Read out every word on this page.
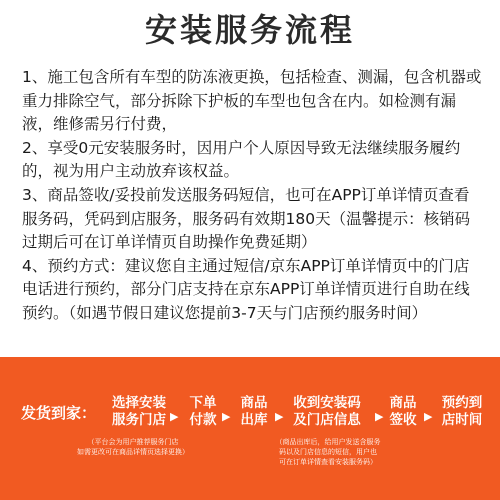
安装服务流程

1、施工包含所有车型的防冻液更换，包括检查、测漏，包含机器或重力排除空气，部分拆除下护板的车型也包含在内。如检测有漏液，维修需另行付费，

2、享受0元安装服务时，因用户个人原因导致无法继续服务履约的，视为用户主动放弃该权益。

3、商品签收/妥投前发送服务码短信，也可在APP订单详情页查看服务码，凭码到店服务，服务码有效期180天（温馨提示：核销码过期后可在订单详情页自助操作免费延期）

4、预约方式：建议您自主通过短信/京东APP订单详情页中的门店电话进行预约，部分门店支持在京东APP订单详情页进行自助在线预约。（如遇节假日建议您提前3-7天与门店预约服务时间）

发货到家：
选择安装
服务门店 ▶
下单
付款 ▶
商品
出库 ▶
收到安装码
及门店信息	▶
商品
签收 ▶
预约到
店时间
（平台会为用户推荐服务门店
如需更改可在商品详情页选择更换）
（商品出库后，给用户发送含服务
码以及门店信息的短信，用户也
可在订单详情查看安装服务码）
